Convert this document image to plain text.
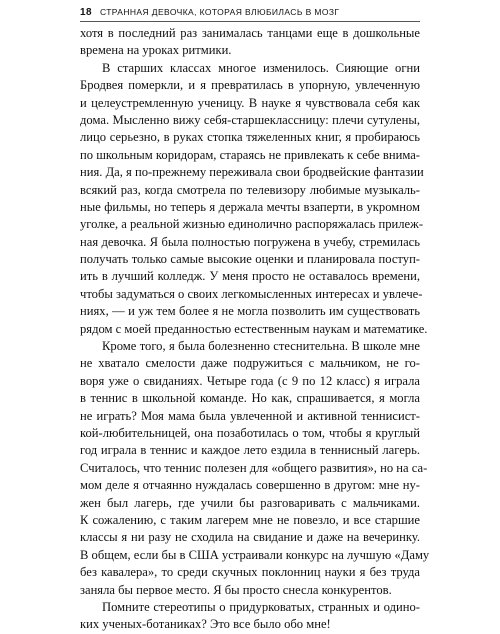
18 СТРАННАЯ ДЕВОЧКА, КОТОРАЯ ВЛЮБИЛАСЬ В МОЗГ
хотя в последний раз занималась танцами еще в дошкольные
времена на уроках ритмики.
В старших классах многое изменилось. Сияющие огни
Бродвея померкли, и я превратилась в упорную, увлеченную
и целеустремленную ученицу. В науке я чувствовала себя как
дома. Мысленно вижу себя-старшеклассницу: плечи сутулены,
лицо серьезно, в руках стопка тяжеленных книг, я пробираюсь
по школьным коридорам, стараясь не привлекать к себе внима-
ния. Да, я по-прежнему переживала свои бродвейские фантазии
всякий раз, когда смотрела по телевизору любимые музыкаль-
ные фильмы, но теперь я держала мечты взаперти, в укромном
уголке, а реальной жизнью единолично распоряжалась прилеж-
ная девочка. Я была полностью погружена в учебу, стремилась
получать только самые высокие оценки и планировала поступ-
ить в лучший колледж. У меня просто не оставалось времени,
чтобы задуматься о своих легкомысленных интересах и увлече-
ниях, — и уж тем более я не могла позволить им существовать
рядом с моей преданностью естественным наукам и математике.
Кроме того, я была болезненно стеснительна. В школе мне
не хватало смелости даже подружиться с мальчиком, не го-
воря уже о свиданиях. Четыре года (с 9 по 12 класс) я играла
в теннис в школьной команде. Но как, спрашивается, я могла
не играть? Моя мама была увлеченной и активной теннисист-
кой-любительницей, она позаботилась о том, чтобы я круглый
год играла в теннис и каждое лето ездила в теннисный лагерь.
Считалось, что теннис полезен для «общего развития», но на са-
мом деле я отчаянно нуждалась совершенно в другом: мне ну-
жен был лагерь, где учили бы разговаривать с мальчиками.
К сожалению, с таким лагерем мне не повезло, и все старшие
классы я ни разу не сходила на свидание и даже на вечеринку.
В общем, если бы в США устраивали конкурс на лучшую «Даму
без кавалера», то среди скучных поклонниц науки я без труда
заняла бы первое место. Я бы просто снесла конкурентов.
Помните стереотипы о придурковатых, странных и одино-
ких ученых-ботаниках? Это все было обо мне!
